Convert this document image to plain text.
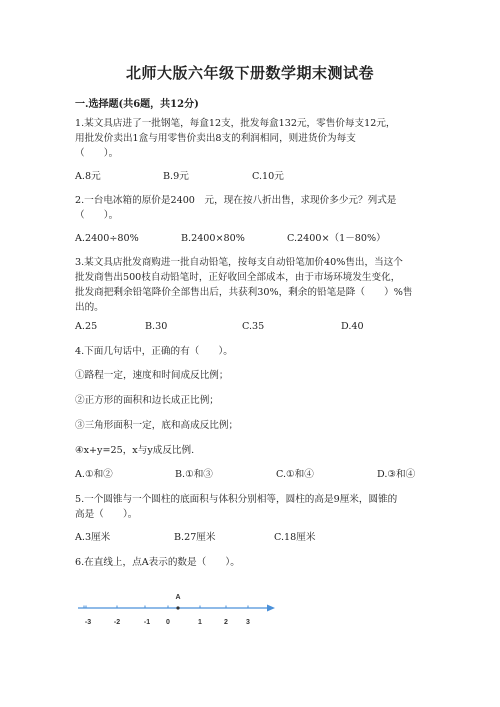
北师大版六年级下册数学期末测试卷
一.选择题(共6题，共12分)
1.某文具店进了一批钢笔，每盒12支，批发每盒132元，零售价每支12元，
用批发价卖出1盒与用零售价卖出8支的利润相同，则进货价为每支
（　　）。
A.8元	B.9元	C.10元
2.一台电冰箱的原价是2400　元，现在按八折出售，求现价多少元？列式是
（　　）。
A.2400÷80%	B.2400×80%	C.2400×（1－80%）
3.某文具店批发商购进一批自动铅笔，按每支自动铅笔加价40%售出，当这个
批发商售出500枝自动铅笔时，正好收回全部成本，由于市场环境发生变化，
批发商把剩余铅笔降价全部售出后，共获利30%，剩余的铅笔是降（　　）%售
出的。
A.25	B.30	C.35	D.40
4.下面几句话中，正确的有（　　）。
①路程一定，速度和时间成反比例；
②正方形的面积和边长成正比例；
③三角形面积一定，底和高成反比例；
④x+y=25，x与y成反比例.
A.①和②	B.①和③	C.①和④	D.③和④
5.一个圆锥与一个圆柱的底面积与体积分别相等，圆柱的高是9厘米，圆锥的
高是（　　）。
A.3厘米	B.27厘米	C.18厘米
6.在直线上，点A表示的数是（　　）。
-3	-2	-1 0	1	2	3
A
